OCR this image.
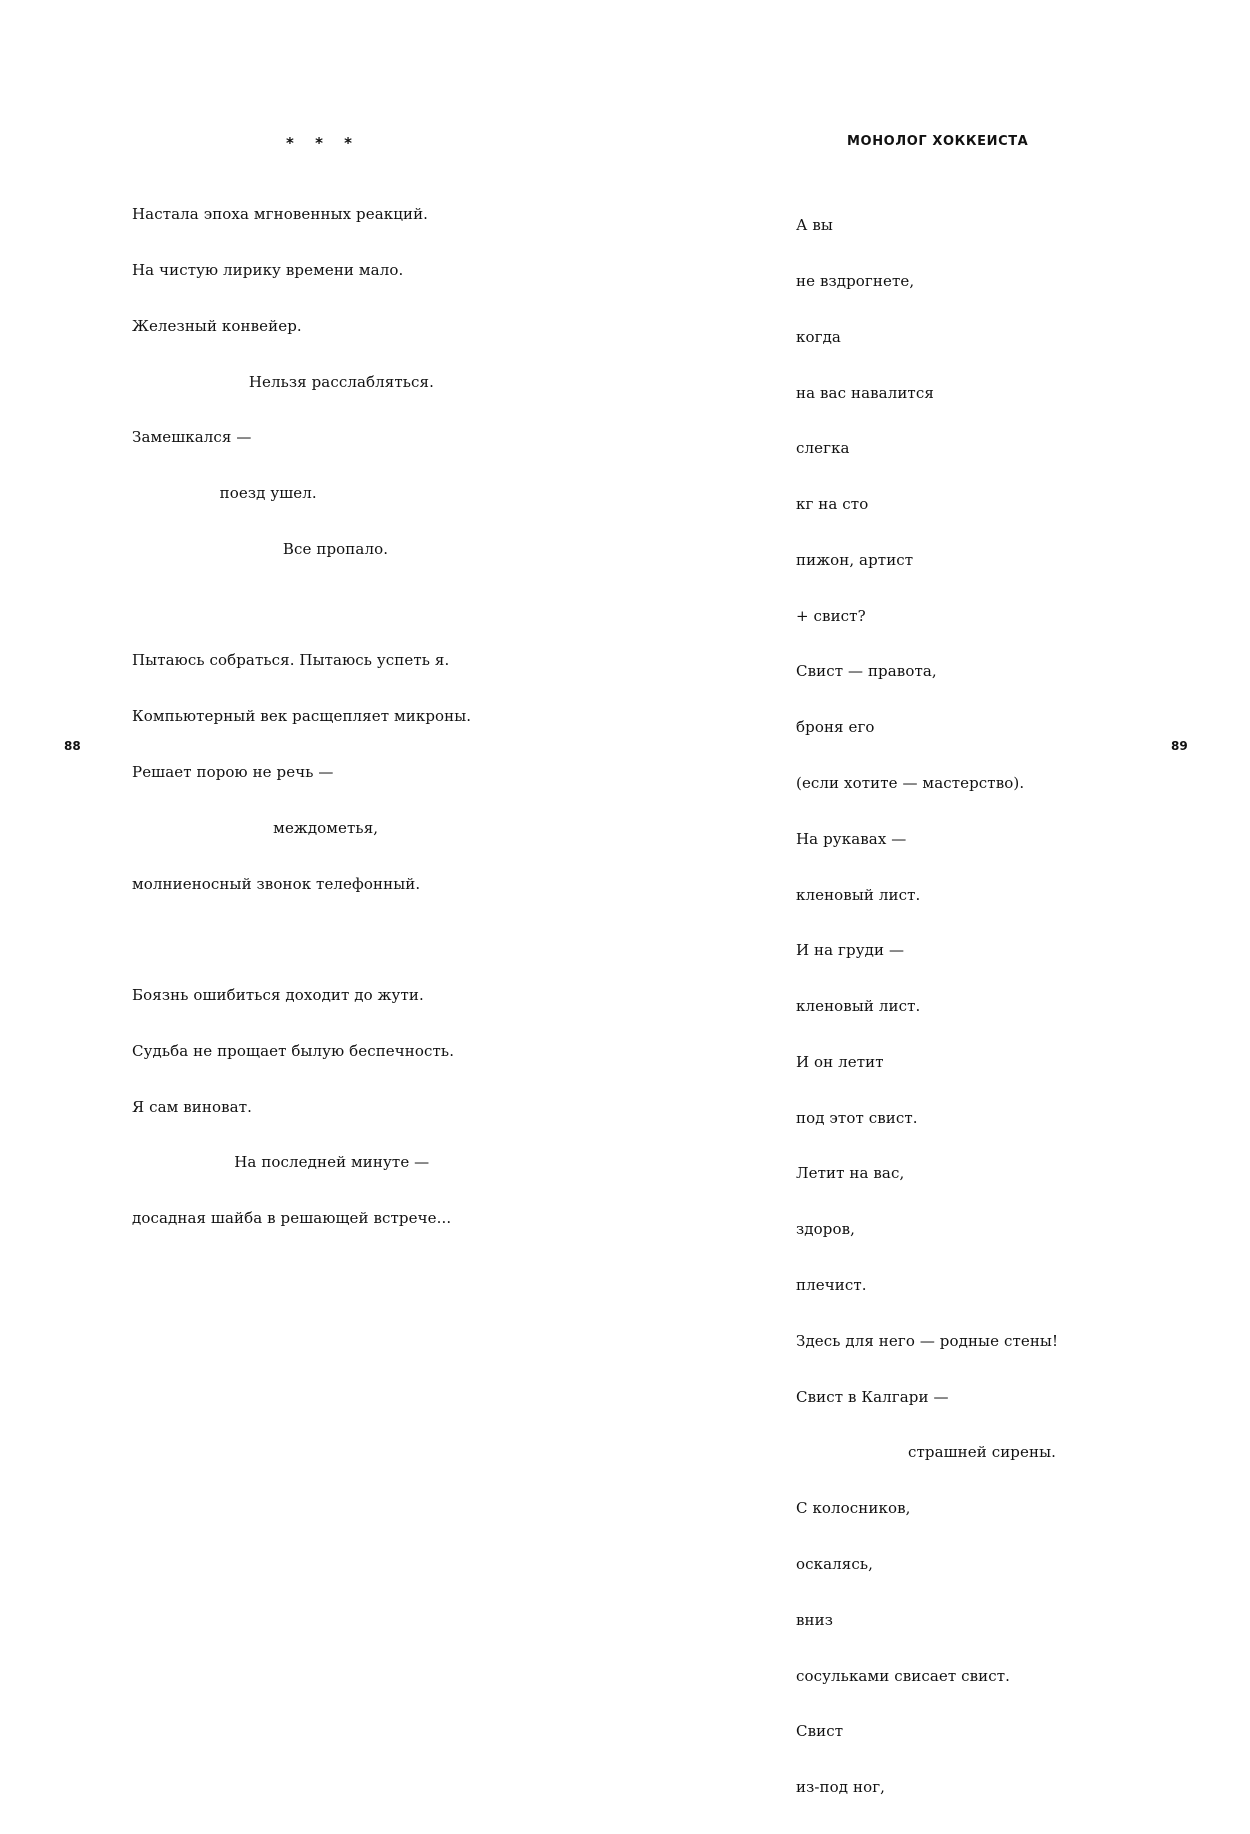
* * *

Настала эпоха мгновенных реакций.

На чистую лирику времени мало.

Железный конвейер.

Нельзя расслабляться.

Замешкался —

поезд ушел.

Все пропало.

Пытаюсь собраться. Пытаюсь успеть я.

Компьютерный век расщепляет микроны.

Решает порою не речь —

междометья,

молниеносный звонок телефонный.

Боязнь ошибиться доходит до жути.

Судьба не прощает былую беспечность.

Я сам виноват.

На последней минуте —

досадная шайба в решающей встрече...

88
МОНОЛОГ ХОККЕИСТА

А вы

не вздрогнете,

когда

на вас навалится

слегка

кг на сто

пижон, артист

+ свист?

Свист — правота,

броня его

(если хотите — мастерство).

На рукавах —

кленовый лист.

И на груди —

кленовый лист.

И он летит

под этот свист.

Летит на вас,

здоров,

плечист.

Здесь для него — родные стены!

Свист в Калгари —

страшней сирены.

С колосников,

оскалясь,

вниз

сосульками свисает свист.

Свист

из-под ног,

89
